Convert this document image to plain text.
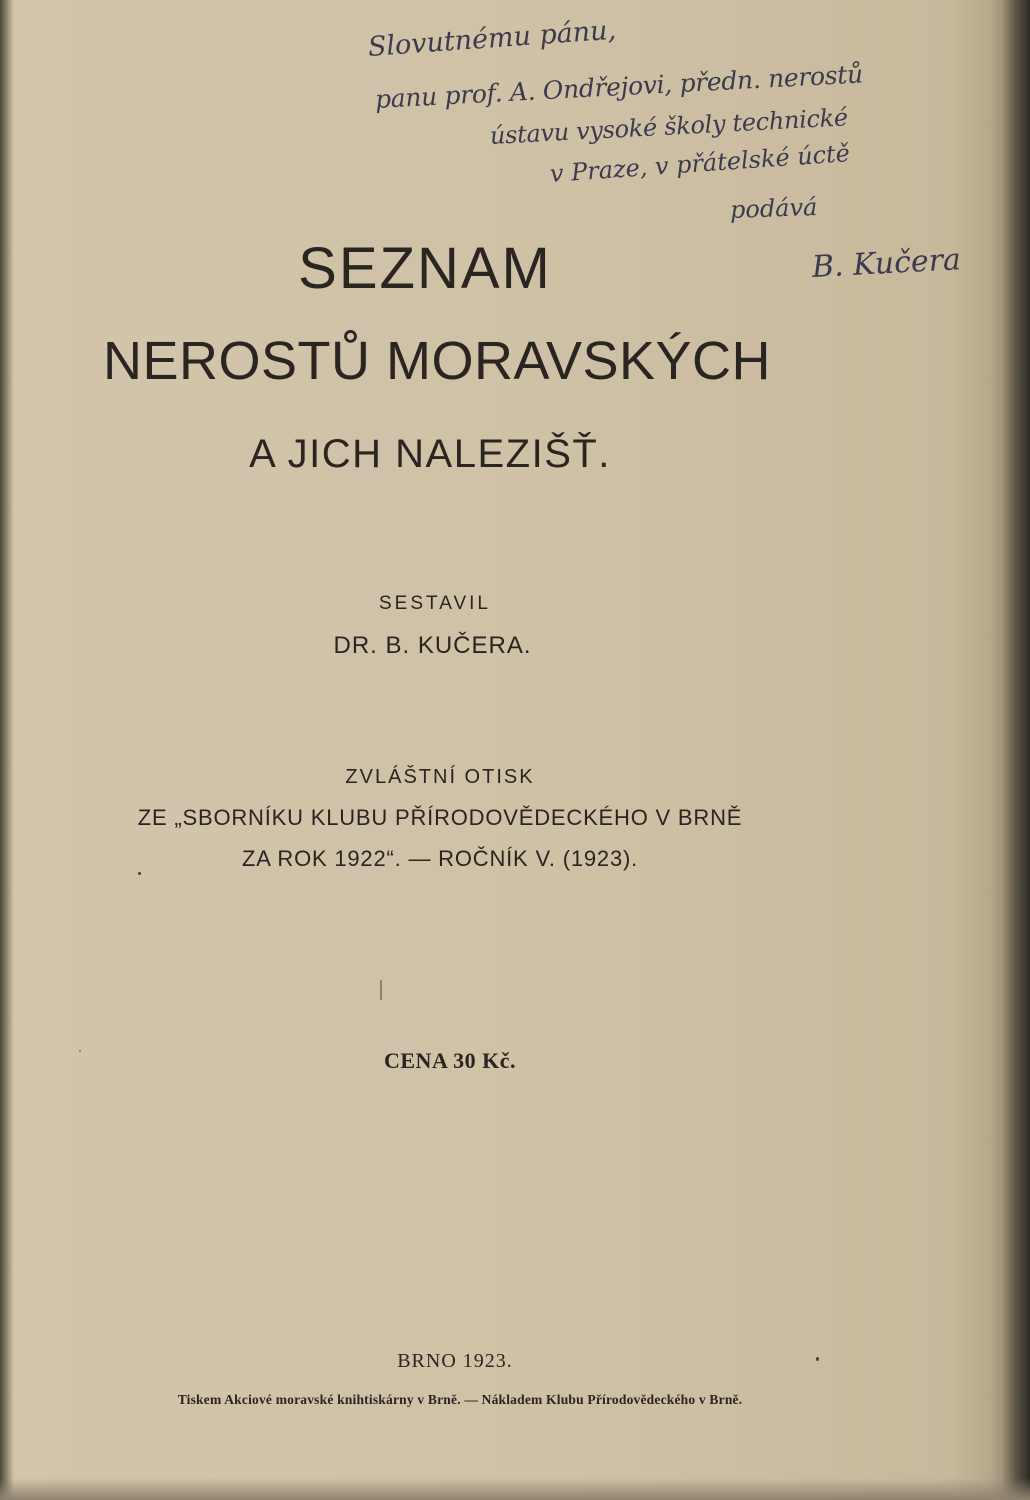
Slovutnému pánu,
panu prof. A. Ondřejovi, předn. nerostů
ústavu vysoké školy technické
v Praze, v přátelské úctě
podává
B. Kučera
SEZNAM
NEROSTŮ MORAVSKÝCH
A JICH NALEZIŠŤ.
SESTAVIL
DR. B. KUČERA.
ZVLÁŠTNÍ OTISK
ZE „SBORNÍKU KLUBU PŘÍRODOVĚDECKÉHO V BRNĚ
ZA ROK 1922“. — ROČNÍK V. (1923).
CENA 30 Kč.
BRNO 1923.
Tiskem Akciové moravské knihtiskárny v Brně. — Nákladem Klubu Přírodovědeckého v Brně.
